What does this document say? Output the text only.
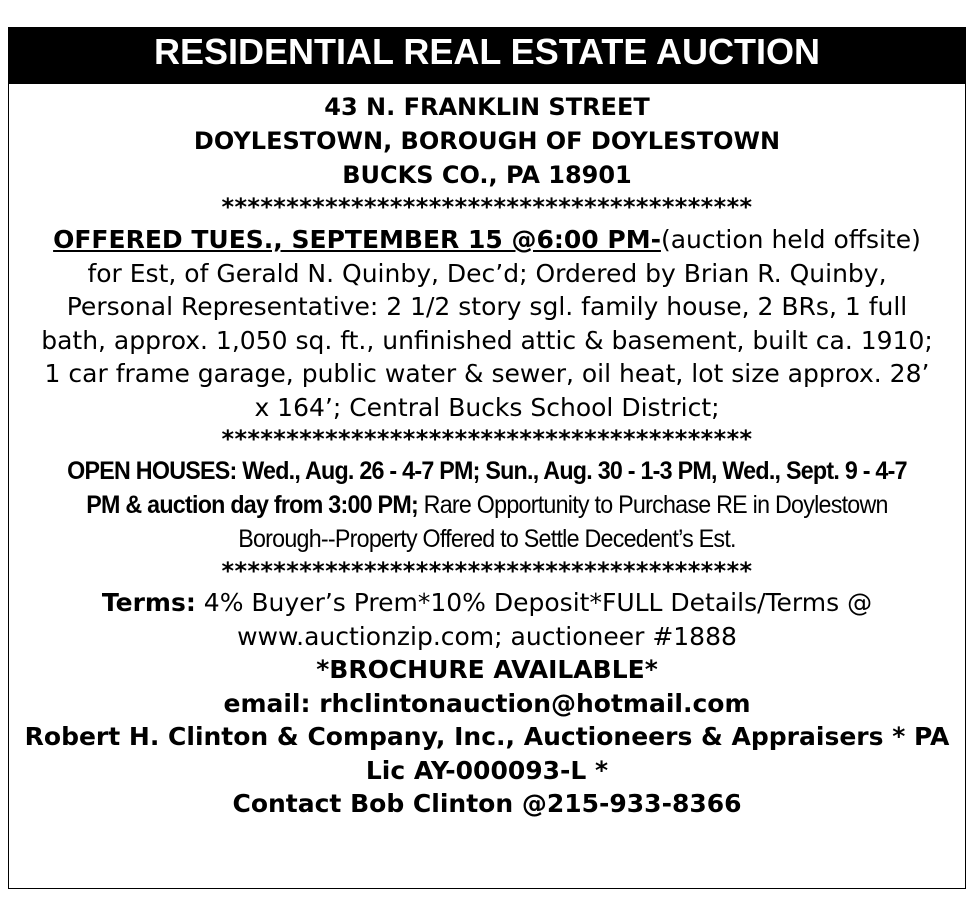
RESIDENTIAL REAL ESTATE AUCTION
43 N. FRANKLIN STREET
DOYLESTOWN, BOROUGH OF DOYLESTOWN
BUCKS CO., PA 18901
*****************************************
OFFERED TUES., SEPTEMBER 15 @6:00 PM-(auction held offsite) for Est, of Gerald N. Quinby, Dec’d; Ordered by Brian R. Quinby, Personal Representative: 2 1/2 story sgl. family house, 2 BRs, 1 full bath, approx. 1,050 sq. ft., unfinished attic & basement, built ca. 1910; 1 car frame garage, public water & sewer, oil heat, lot size approx. 28’ x 164’; Central Bucks School District;
*****************************************
OPEN HOUSES: Wed., Aug. 26 - 4-7 PM; Sun., Aug. 30 - 1-3 PM, Wed., Sept. 9 - 4-7 PM & auction day from 3:00 PM; Rare Opportunity to Purchase RE in Doylestown Borough--Property Offered to Settle Decedent’s Est.
*****************************************
Terms: 4% Buyer’s Prem*10% Deposit*FULL Details/Terms @ www.auctionzip.com; auctioneer #1888
*BROCHURE AVAILABLE*
email: rhclintonauction@hotmail.com
Robert H. Clinton & Company, Inc., Auctioneers & Appraisers * PA Lic AY-000093-L *
Contact Bob Clinton @215-933-8366
